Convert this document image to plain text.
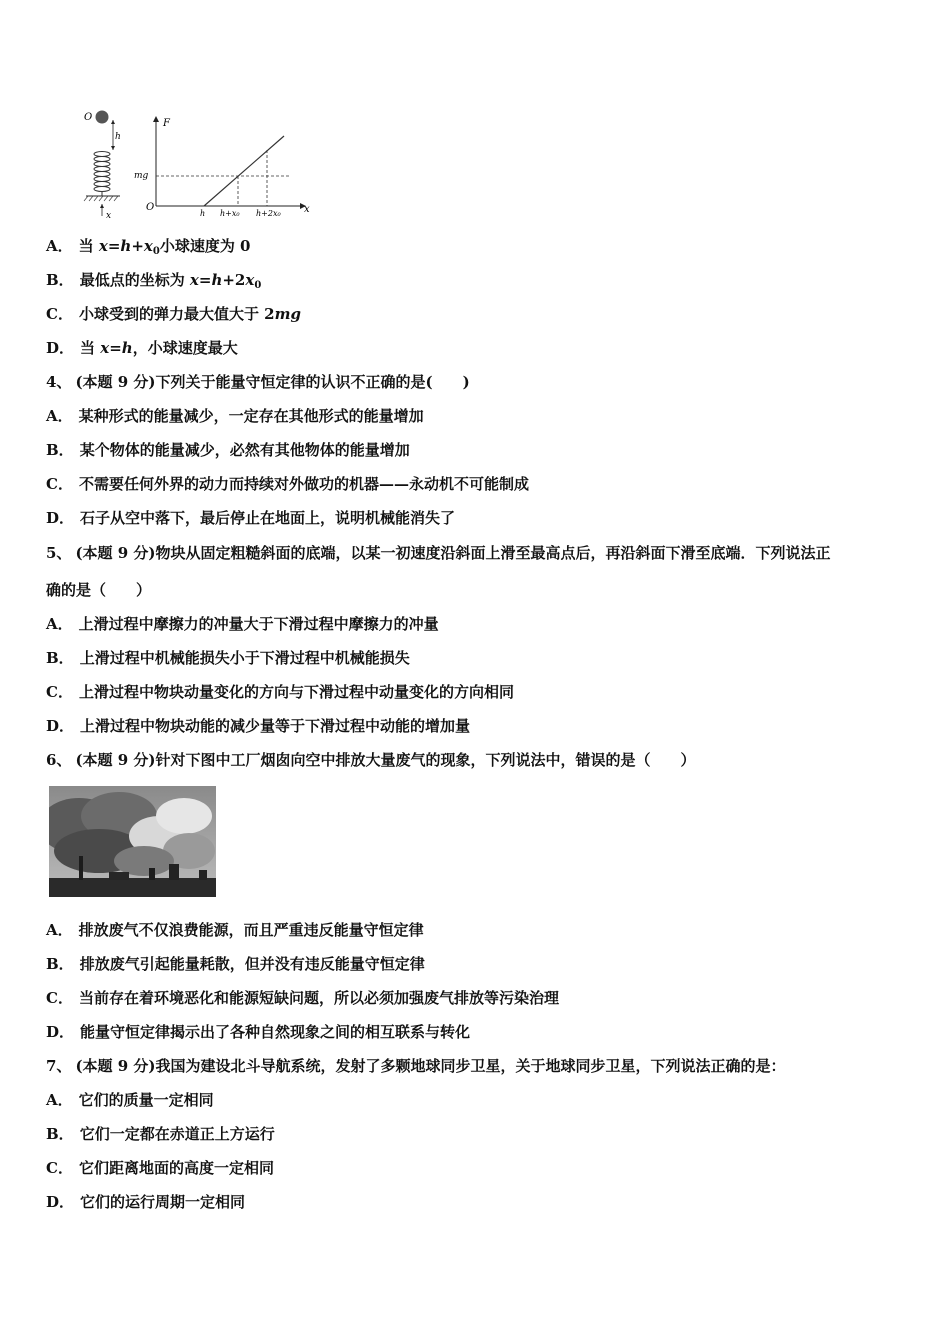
O
h
x
F
mg
O	x
h h+x₀ h+2x₀
A． 当 $x=h+x_0$小球速度为 0
B． 最低点的坐标为 $x=h+2x_0$
C． 小球受到的弹力最大值大于 2mg
D． 当 x=h，小球速度最大
4、 (本题 9 分)下列关于能量守恒定律的认识不正确的是(　　)
A． 某种形式的能量减少，一定存在其他形式的能量增加
B． 某个物体的能量减少，必然有其他物体的能量增加
C． 不需要任何外界的动力而持续对外做功的机器——永动机不可能制成
D． 石子从空中落下，最后停止在地面上，说明机械能消失了
5、 (本题 9 分)物块从固定粗糙斜面的底端，以某一初速度沿斜面上滑至最高点后，再沿斜面下滑至底端．下列说法正
确的是（　　）
A． 上滑过程中摩擦力的冲量大于下滑过程中摩擦力的冲量
B． 上滑过程中机械能损失小于下滑过程中机械能损失
C． 上滑过程中物块动量变化的方向与下滑过程中动量变化的方向相同
D． 上滑过程中物块动能的减少量等于下滑过程中动能的增加量
6、 (本题 9 分)针对下图中工厂烟囱向空中排放大量废气的现象，下列说法中，错误的是（　　）
A． 排放废气不仅浪费能源，而且严重违反能量守恒定律
B． 排放废气引起能量耗散，但并没有违反能量守恒定律
C． 当前存在着环境恶化和能源短缺问题，所以必须加强废气排放等污染治理
D． 能量守恒定律揭示出了各种自然现象之间的相互联系与转化
7、 (本题 9 分)我国为建设北斗导航系统，发射了多颗地球同步卫星，关于地球同步卫星，下列说法正确的是：
A． 它们的质量一定相同
B． 它们一定都在赤道正上方运行
C． 它们距离地面的高度一定相同
D． 它们的运行周期一定相同
